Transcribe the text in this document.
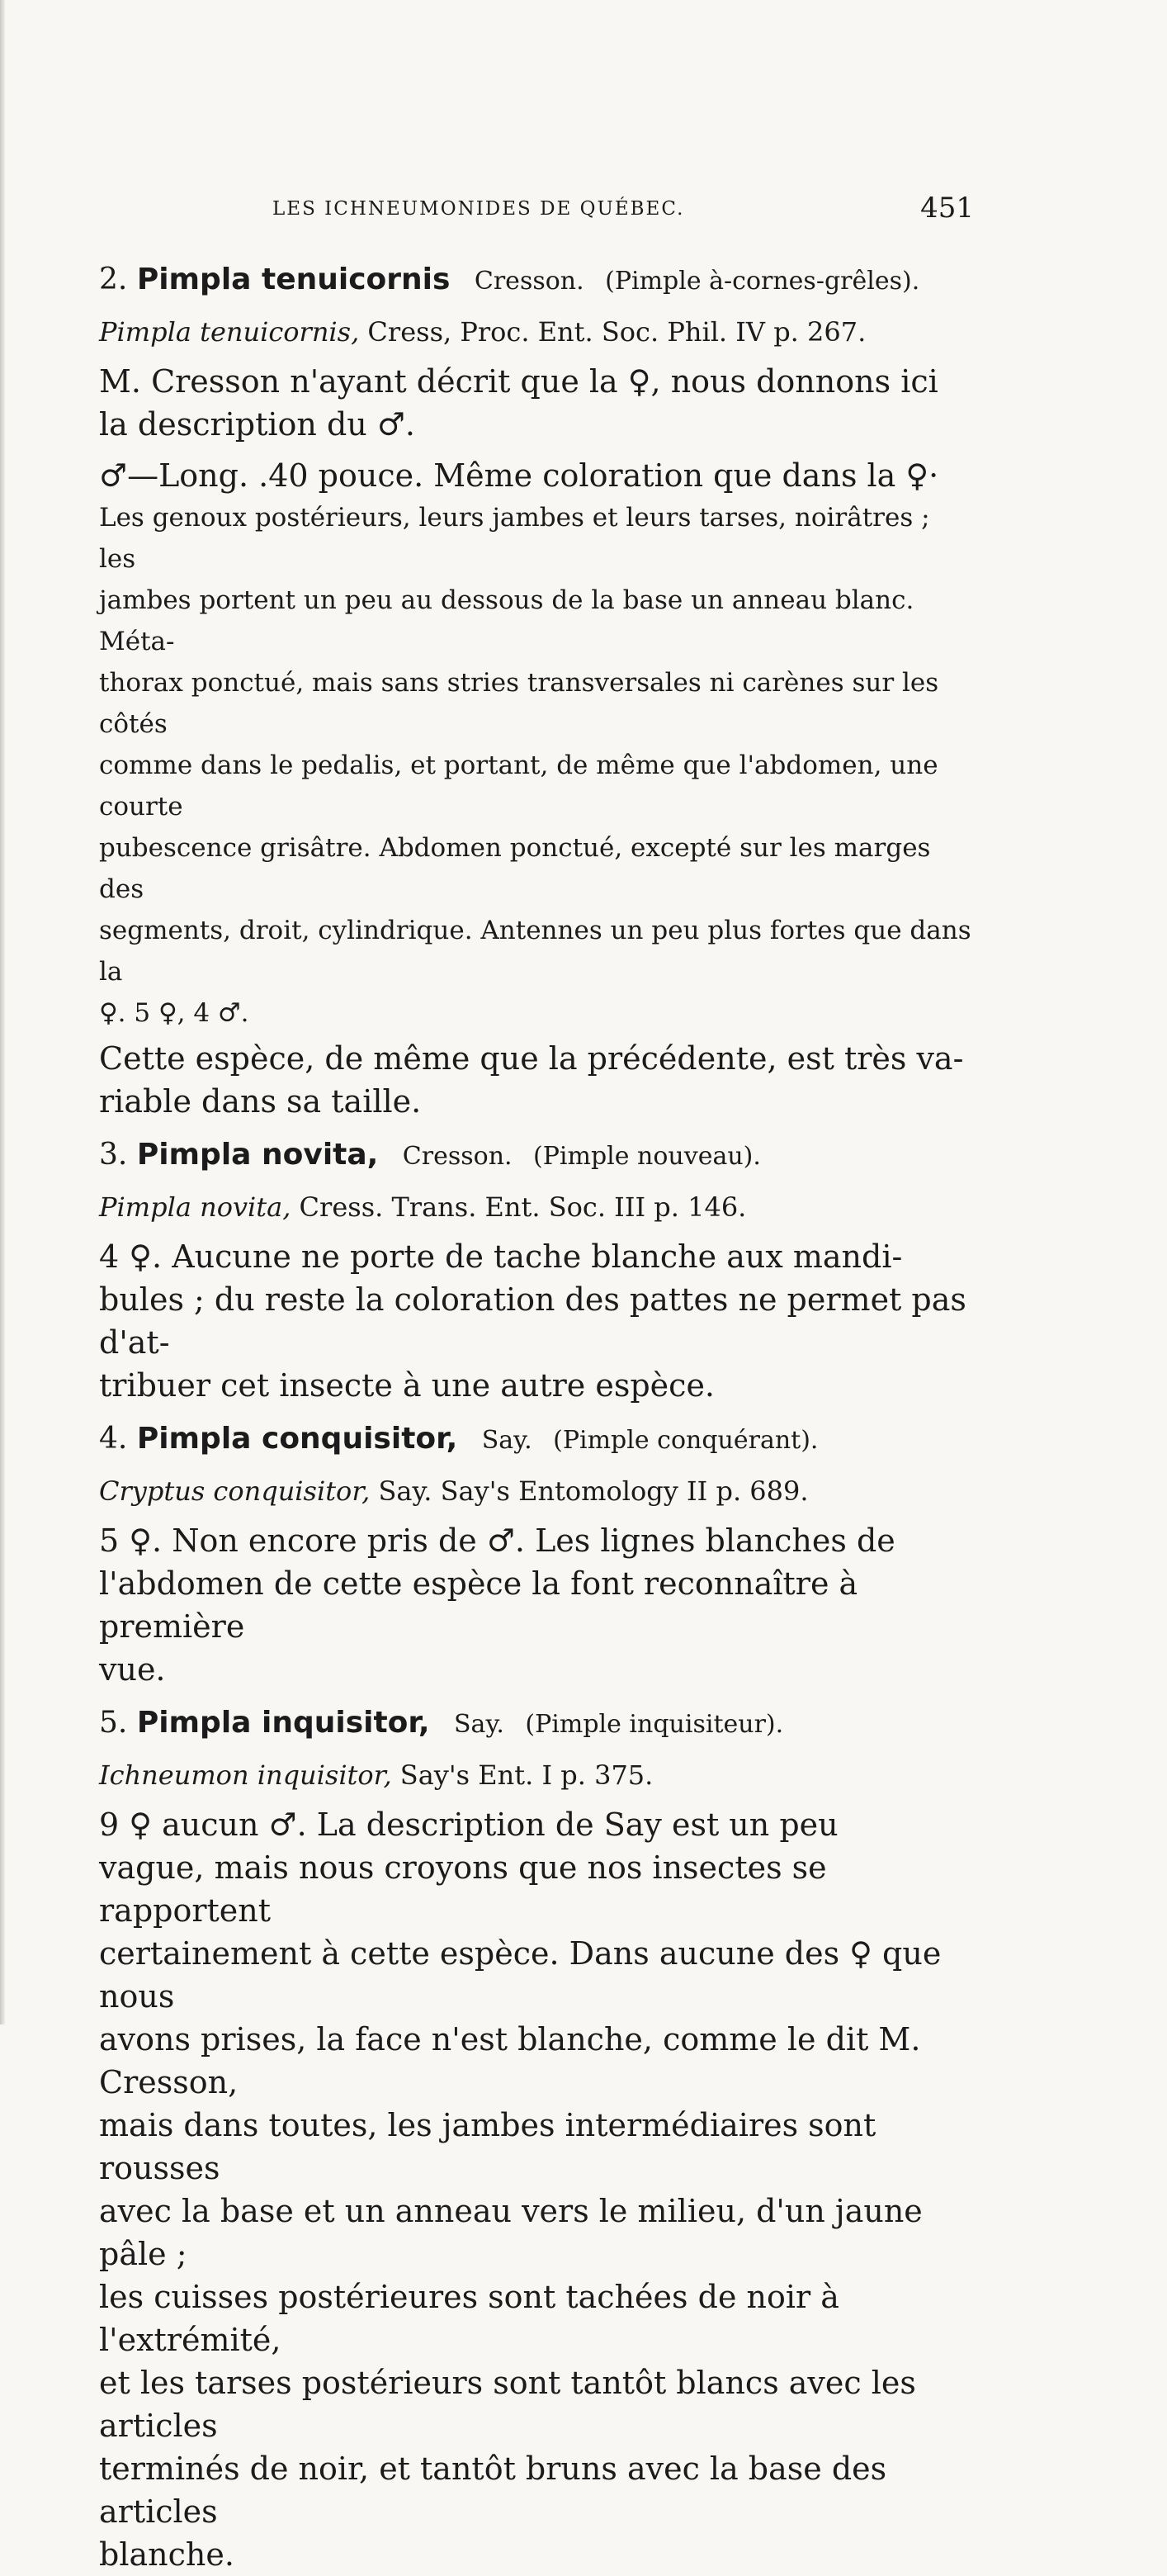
LES ICHNEUMONIDES DE QUÉBEC.	451

2. Pimpla tenuicornis Cresson. (Pimple à-cornes-grêles).

Pimpla tenuicornis, Cress, Proc. Ent. Soc. Phil. IV p. 267.

M. Cresson n'ayant décrit que la ♀, nous donnons ici
la description du ♂.
♂—Long. .40 pouce. Même coloration que dans la ♀·
Les genoux postérieurs, leurs jambes et leurs tarses, noirâtres ; les
jambes portent un peu au dessous de la base un anneau blanc. Méta-
thorax ponctué, mais sans stries transversales ni carènes sur les côtés
comme dans le pedalis, et portant, de même que l'abdomen, une courte
pubescence grisâtre. Abdomen ponctué, excepté sur les marges des
segments, droit, cylindrique. Antennes un peu plus fortes que dans la
♀. 5 ♀, 4 ♂.
Cette espèce, de même que la précédente, est très va-
riable dans sa taille.

3. Pimpla novita, Cresson. (Pimple nouveau).

Pimpla novita, Cress. Trans. Ent. Soc. III p. 146.

4 ♀. Aucune ne porte de tache blanche aux mandi-
bules ; du reste la coloration des pattes ne permet pas d'at-
tribuer cet insecte à une autre espèce.

4. Pimpla conquisitor, Say. (Pimple conquérant).

Cryptus conquisitor, Say. Say's Entomology II p. 689.

5 ♀. Non encore pris de ♂. Les lignes blanches de
l'abdomen de cette espèce la font reconnaître à première
vue.

5. Pimpla inquisitor, Say. (Pimple inquisiteur).

Ichneumon inquisitor, Say's Ent. I p. 375.

9 ♀ aucun ♂. La description de Say est un peu
vague, mais nous croyons que nos insectes se rapportent
certainement à cette espèce. Dans aucune des ♀ que nous
avons prises, la face n'est blanche, comme le dit M. Cresson,
mais dans toutes, les jambes intermédiaires sont rousses
avec la base et un anneau vers le milieu, d'un jaune pâle ;
les cuisses postérieures sont tachées de noir à l'extrémité,
et les tarses postérieurs sont tantôt blancs avec les articles
terminés de noir, et tantôt bruns avec la base des articles
blanche.
